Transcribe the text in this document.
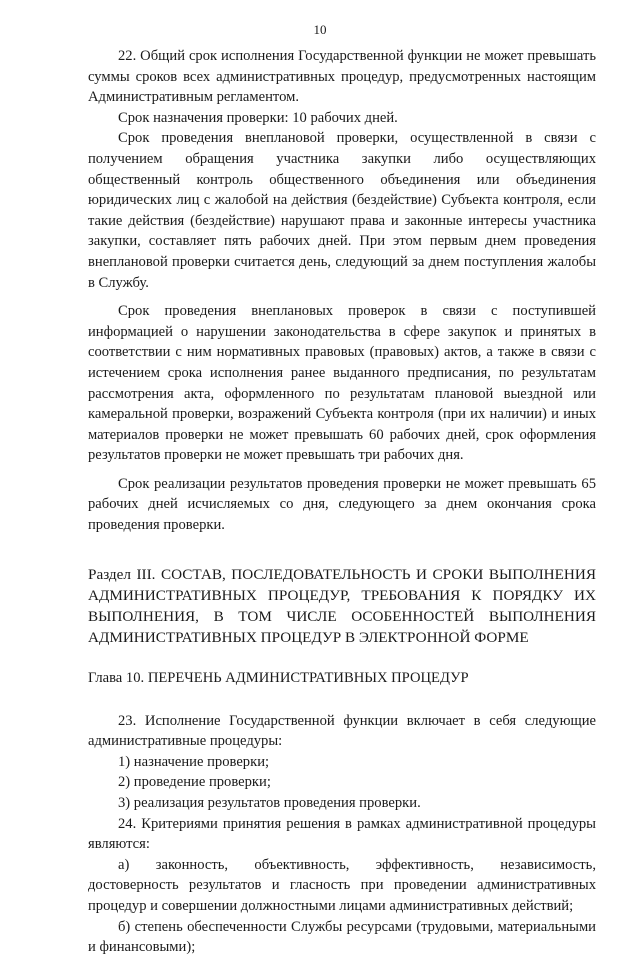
10

22. Общий срок исполнения Государственной функции не может превышать суммы сроков всех административных процедур, предусмотренных настоящим Административным регламентом.

Срок назначения проверки: 10 рабочих дней.

Срок проведения внеплановой проверки, осуществленной в связи с получением обращения участника закупки либо осуществляющих общественный контроль общественного объединения или объединения юридических лиц с жалобой на действия (бездействие) Субъекта контроля, если такие действия (бездействие) нарушают права и законные интересы участника закупки, составляет пять рабочих дней. При этом первым днем проведения внеплановой проверки считается день, следующий за днем поступления жалобы в Службу.

Срок проведения внеплановых проверок в связи с поступившей информацией о нарушении законодательства в сфере закупок и принятых в соответствии с ним нормативных правовых (правовых) актов, а также в связи с истечением срока исполнения ранее выданного предписания, по результатам рассмотрения акта, оформленного по результатам плановой выездной или камеральной проверки, возражений Субъекта контроля (при их наличии) и иных материалов проверки не может превышать 60 рабочих дней, срок оформления результатов проверки не может превышать три рабочих дня.

Срок реализации результатов проведения проверки не может превышать 65 рабочих дней исчисляемых со дня, следующего за днем окончания срока проведения проверки.

Раздел III. СОСТАВ, ПОСЛЕДОВАТЕЛЬНОСТЬ И СРОКИ ВЫПОЛНЕНИЯ АДМИНИСТРАТИВНЫХ ПРОЦЕДУР, ТРЕБОВАНИЯ К ПОРЯДКУ ИХ ВЫПОЛНЕНИЯ, В ТОМ ЧИСЛЕ ОСОБЕННОСТЕЙ ВЫПОЛНЕНИЯ АДМИНИСТРАТИВНЫХ ПРОЦЕДУР В ЭЛЕКТРОННОЙ ФОРМЕ

Глава 10. ПЕРЕЧЕНЬ АДМИНИСТРАТИВНЫХ ПРОЦЕДУР

23. Исполнение Государственной функции включает в себя следующие административные процедуры:

1) назначение проверки;

2) проведение проверки;

3) реализация результатов проведения проверки.

24. Критериями принятия решения в рамках административной процедуры являются:

а) законность, объективность, эффективность, независимость, достоверность результатов и гласность при проведении административных процедур и совершении должностными лицами административных действий;

б) степень обеспеченности Службы ресурсами (трудовыми, материальными и финансовыми);
